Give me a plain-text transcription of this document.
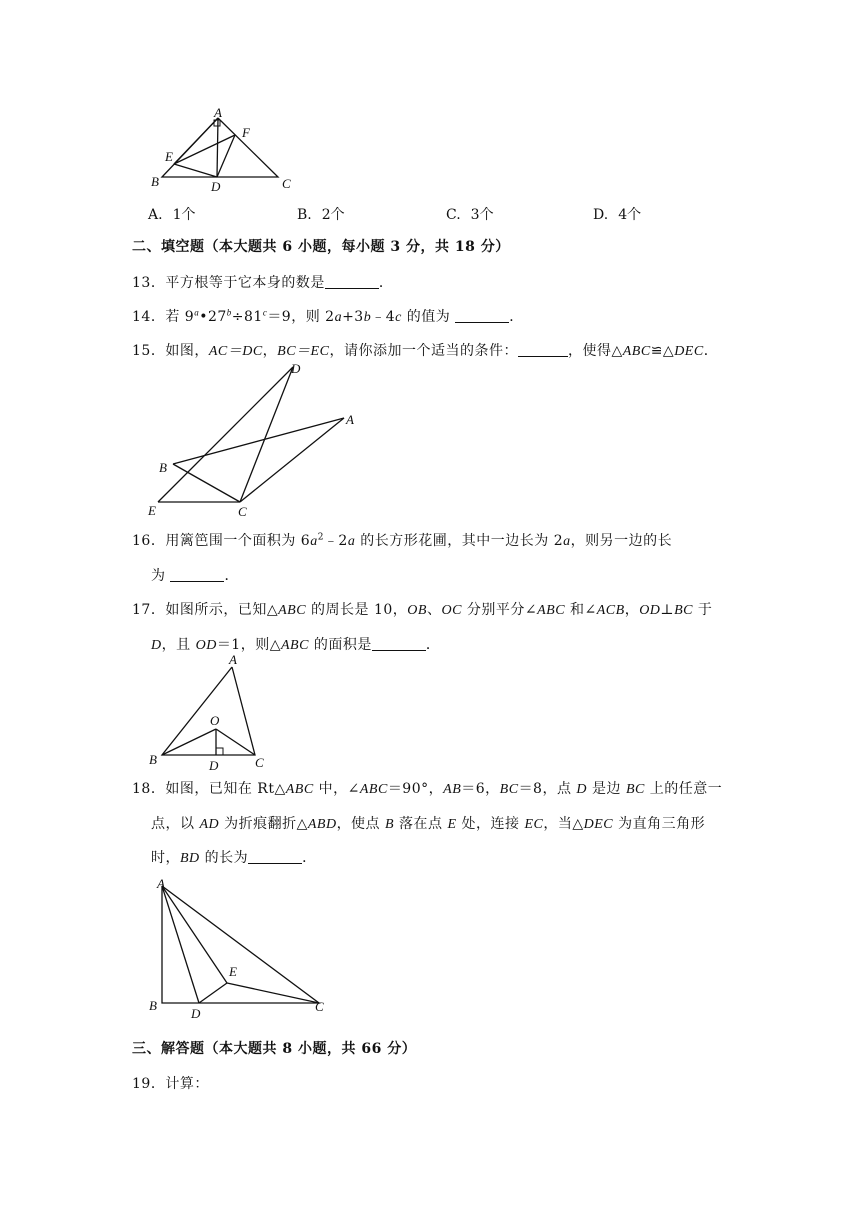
A
F
E
B	D	C
A. 1个	B. 2个	C. 3个	D. 4个
二、填空题（本大题共 6 小题，每小题 3 分，共 18 分）
13．平方根等于它本身的数是	．
14．若 $9^a•27^b\div 81^c=9$，则 2a+3b﹣4c 的值为	．
15．如图，AC＝DC，BC＝EC，请你添加一个适当的条件：	，使得△ABC≌△DEC．
D
A
B
E	C
16．用篱笆围一个面积为 $6a^2﹣2a$ 的长方形花圃，其中一边长为 2a，则另一边的长
为	．
17．如图所示，已知△ABC 的周长是 10，OB、OC 分别平分∠ABC 和∠ACB，OD⊥BC 于
D，且 OD＝1，则△ABC 的面积是	．
A
O
B	D	C
18．如图，已知在 Rt△ABC 中，∠ABC＝90°，AB＝6，BC＝8，点 D 是边 BC 上的任意一
点，以 AD 为折痕翻折△ABD，使点 B 落在点 E 处，连接 EC，当△DEC 为直角三角形
时，BD 的长为	．
A
E
B
D	C
三、解答题（本大题共 8 小题，共 66 分）
19．计算：
